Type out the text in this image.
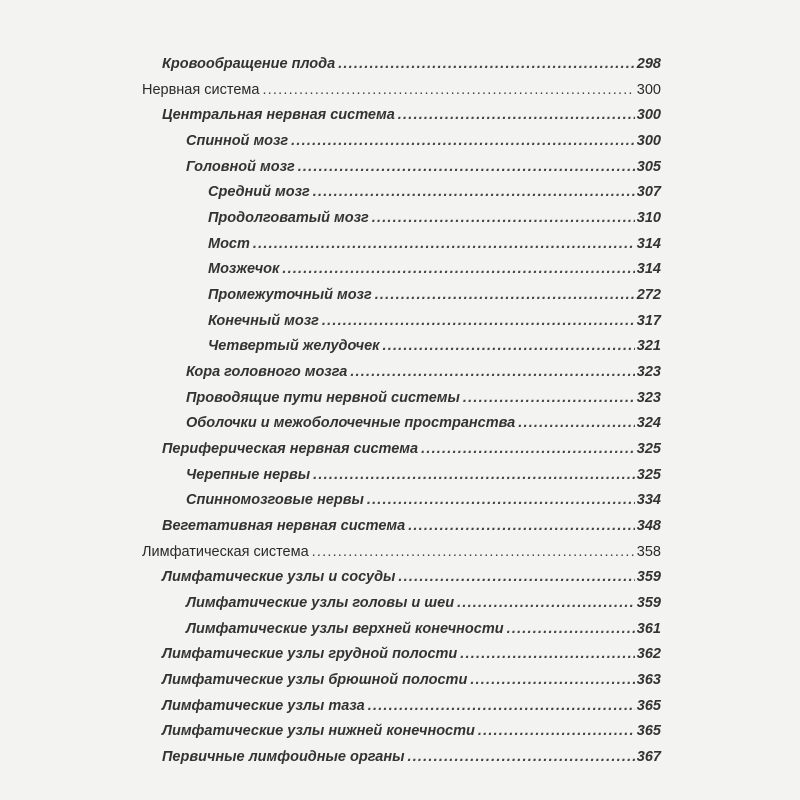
Кровообращение плода .....	298
Нервная система .....	300
Центральная нервная система .....	300
Спинной мозг .....	300
Головной мозг .....	305
Средний мозг .....	307
Продолговатый мозг .....	310
Мост .....	314
Мозжечок .....	314
Промежуточный мозг .....	272
Конечный мозг .....	317
Четвертый желудочек .....	321
Кора головного мозга .....	323
Проводящие пути нервной системы .....	323
Оболочки и межоболочечные пространства .....	324
Периферическая нервная система .....	325
Черепные нервы .....	325
Спинномозговые нервы .....	334
Вегетативная нервная система .....	348
Лимфатическая система .....	358
Лимфатические узлы и сосуды .....	359
Лимфатические узлы головы и шеи .....	359
Лимфатические узлы верхней конечности .....	361
Лимфатические узлы грудной полости .....	362
Лимфатические узлы брюшной полости .....	363
Лимфатические узлы таза .....	365
Лимфатические узлы нижней конечности .....	365
Первичные лимфоидные органы .....	367
